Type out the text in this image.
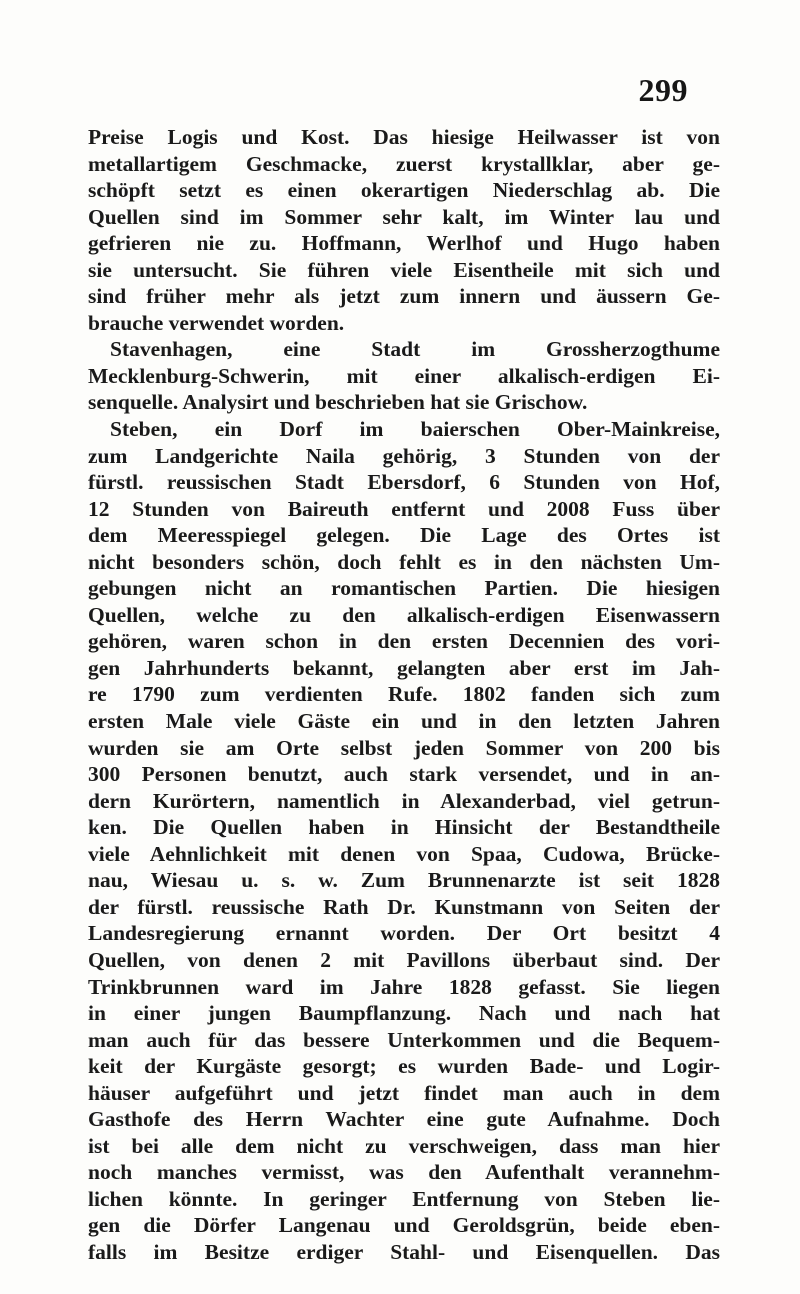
299
Preise Logis und Kost. Das hiesige Heilwasser ist von
metallartigem Geschmacke, zuerst krystallklar, aber ge-
schöpft setzt es einen okerartigen Niederschlag ab. Die
Quellen sind im Sommer sehr kalt, im Winter lau und
gefrieren nie zu. Hoffmann, Werlhof und Hugo haben
sie untersucht. Sie führen viele Eisentheile mit sich und
sind früher mehr als jetzt zum innern und äussern Ge-
brauche verwendet worden.
Stavenhagen, eine Stadt im Grossherzogthume
Mecklenburg-Schwerin, mit einer alkalisch-erdigen Ei-
senquelle. Analysirt und beschrieben hat sie Grischow.
Steben, ein Dorf im baierschen Ober-Mainkreise,
zum Landgerichte Naila gehörig, 3 Stunden von der
fürstl. reussischen Stadt Ebersdorf, 6 Stunden von Hof,
12 Stunden von Baireuth entfernt und 2008 Fuss über
dem Meeresspiegel gelegen. Die Lage des Ortes ist
nicht besonders schön, doch fehlt es in den nächsten Um-
gebungen nicht an romantischen Partien. Die hiesigen
Quellen, welche zu den alkalisch-erdigen Eisenwassern
gehören, waren schon in den ersten Decennien des vori-
gen Jahrhunderts bekannt, gelangten aber erst im Jah-
re 1790 zum verdienten Rufe. 1802 fanden sich zum
ersten Male viele Gäste ein und in den letzten Jahren
wurden sie am Orte selbst jeden Sommer von 200 bis
300 Personen benutzt, auch stark versendet, und in an-
dern Kurörtern, namentlich in Alexanderbad, viel getrun-
ken. Die Quellen haben in Hinsicht der Bestandtheile
viele Aehnlichkeit mit denen von Spaa, Cudowa, Brücke-
nau, Wiesau u. s. w. Zum Brunnenarzte ist seit 1828
der fürstl. reussische Rath Dr. Kunstmann von Seiten der
Landesregierung ernannt worden. Der Ort besitzt 4
Quellen, von denen 2 mit Pavillons überbaut sind. Der
Trinkbrunnen ward im Jahre 1828 gefasst. Sie liegen
in einer jungen Baumpflanzung. Nach und nach hat
man auch für das bessere Unterkommen und die Bequem-
keit der Kurgäste gesorgt; es wurden Bade- und Logir-
häuser aufgeführt und jetzt findet man auch in dem
Gasthofe des Herrn Wachter eine gute Aufnahme. Doch
ist bei alle dem nicht zu verschweigen, dass man hier
noch manches vermisst, was den Aufenthalt verannehm-
lichen könnte. In geringer Entfernung von Steben lie-
gen die Dörfer Langenau und Geroldsgrün, beide eben-
falls im Besitze erdiger Stahl- und Eisenquellen. Das
